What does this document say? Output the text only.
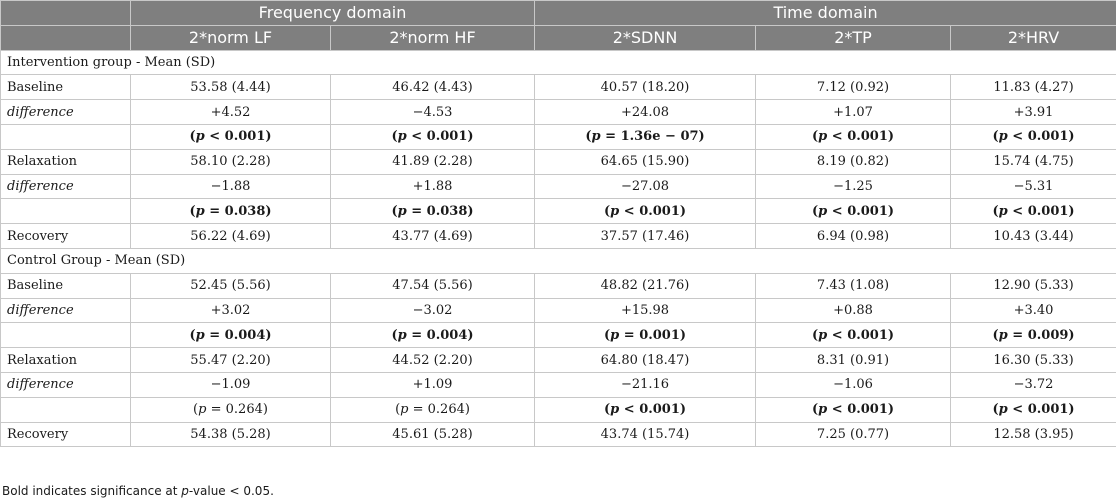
	Frequency domain		Time domain		
	2*norm LF	2*norm HF	2*SDNN	2*TP	2*HRV
Intervention group - Mean (SD)					
Baseline	53.58 (4.44)	46.42 (4.43)	40.57 (18.20)	7.12 (0.92)	11.83 (4.27)
difference	+4.52	−4.53	+24.08	+1.07	+3.91
	(p < 0.001)	(p < 0.001)	(p = 1.36e − 07)	(p < 0.001)	(p < 0.001)
Relaxation	58.10 (2.28)	41.89 (2.28)	64.65 (15.90)	8.19 (0.82)	15.74 (4.75)
difference	−1.88	+1.88	−27.08	−1.25	−5.31
	(p = 0.038)	(p = 0.038)	(p < 0.001)	(p < 0.001)	(p < 0.001)
Recovery	56.22 (4.69)	43.77 (4.69)	37.57 (17.46)	6.94 (0.98)	10.43 (3.44)
Control Group - Mean (SD)					
Baseline	52.45 (5.56)	47.54 (5.56)	48.82 (21.76)	7.43 (1.08)	12.90 (5.33)
difference	+3.02	−3.02	+15.98	+0.88	+3.40
	(p = 0.004)	(p = 0.004)	(p = 0.001)	(p < 0.001)	(p = 0.009)
Relaxation	55.47 (2.20)	44.52 (2.20)	64.80 (18.47)	8.31 (0.91)	16.30 (5.33)
difference	−1.09	+1.09	−21.16	−1.06	−3.72
	(p = 0.264)	(p = 0.264)	(p < 0.001)	(p < 0.001)	(p < 0.001)
Recovery	54.38 (5.28)	45.61 (5.28)	43.74 (15.74)	7.25 (0.77)	12.58 (3.95)
Bold indicates significance at p-value < 0.05.
